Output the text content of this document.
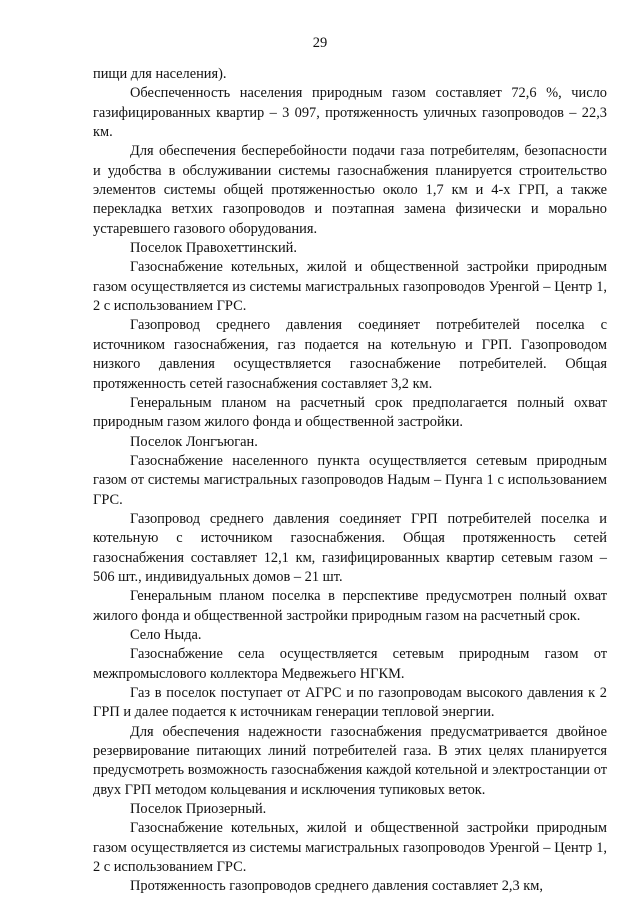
29

пищи для населения).

Обеспеченность населения природным газом составляет 72,6 %, число газифицированных квартир – 3 097, протяженность уличных газопроводов – 22,3 км.

Для обеспечения бесперебойности подачи газа потребителям, безопасности и удобства в обслуживании системы газоснабжения планируется строительство элементов системы общей протяженностью около 1,7 км и 4-х ГРП, а также перекладка ветхих газопроводов и поэтапная замена физически и морально устаревшего газового оборудования.

Поселок Правохеттинский.

Газоснабжение котельных, жилой и общественной застройки природным газом осуществляется из системы магистральных газопроводов Уренгой – Центр 1, 2 с использованием ГРС.

Газопровод среднего давления соединяет потребителей поселка с источником газоснабжения, газ подается на котельную и ГРП. Газопроводом низкого давления осуществляется газоснабжение потребителей. Общая протяженность сетей газоснабжения составляет 3,2 км.

Генеральным планом на расчетный срок предполагается полный охват природным газом жилого фонда и общественной застройки.

Поселок Лонгъюган.

Газоснабжение населенного пункта осуществляется сетевым природным газом от системы магистральных газопроводов Надым – Пунга 1 с использованием ГРС.

Газопровод среднего давления соединяет ГРП потребителей поселка и котельную с источником газоснабжения. Общая протяженность сетей газоснабжения составляет 12,1 км, газифицированных квартир сетевым газом – 506 шт., индивидуальных домов – 21 шт.

Генеральным планом поселка в перспективе предусмотрен полный охват жилого фонда и общественной застройки природным газом на расчетный срок.

Село Ныда.

Газоснабжение села осуществляется сетевым природным газом от межпромыслового коллектора Медвежьего НГКМ.

Газ в поселок поступает от АГРС и по газопроводам высокого давления к 2 ГРП и далее подается к источникам генерации тепловой энергии.

Для обеспечения надежности газоснабжения предусматривается двойное резервирование питающих линий потребителей газа. В этих целях планируется предусмотреть возможность газоснабжения каждой котельной и электростанции от двух ГРП методом кольцевания и исключения тупиковых веток.

Поселок Приозерный.

Газоснабжение котельных, жилой и общественной застройки природным газом осуществляется из системы магистральных газопроводов Уренгой – Центр 1, 2 с использованием ГРС.

Протяженность газопроводов среднего давления составляет 2,3 км,
